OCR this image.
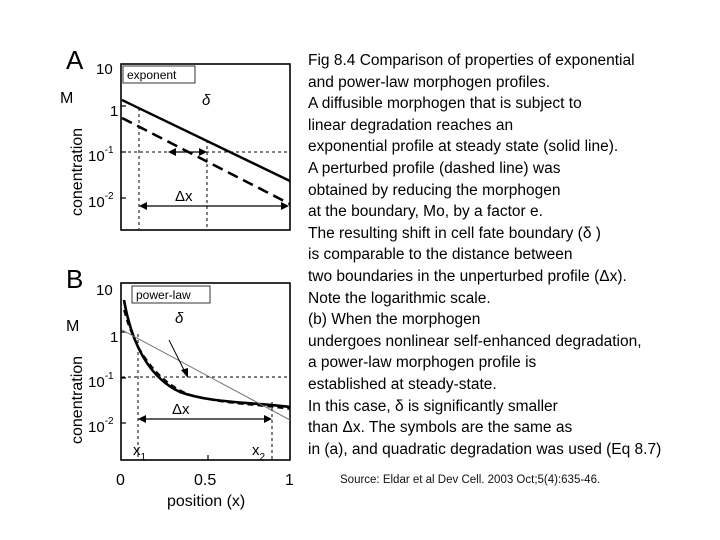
A 10
1
$10^{-1}$
$10^{-2}$
conentration
exponent
Δx
B 10
1
$10^{-1}$
$10^{-2}$
conentration
power-law
Δx
$x_1$	$x_2$
0	0.5	1
position (x)
M	δ
M	δ
Fig 8.4 Comparison of properties of exponential
and power-law morphogen profiles.
A diffusible morphogen that is subject to
linear degradation reaches an
exponential profile at steady state (solid line).
A perturbed profile (dashed line) was
obtained by reducing the morphogen
at the boundary, Mo, by a factor e.
The resulting shift in cell fate boundary (δ )
is comparable to the distance between
two boundaries in the unperturbed profile (Δx).
Note the logarithmic scale.
(b) When the morphogen
undergoes nonlinear self-enhanced degradation,
a power-law morphogen profile is
established at steady-state.
In this case, δ is significantly smaller
than Δx. The symbols are the same as
in (a), and quadratic degradation was used (Eq 8.7)
Source: Eldar et al Dev Cell. 2003 Oct;5(4):635-46.
